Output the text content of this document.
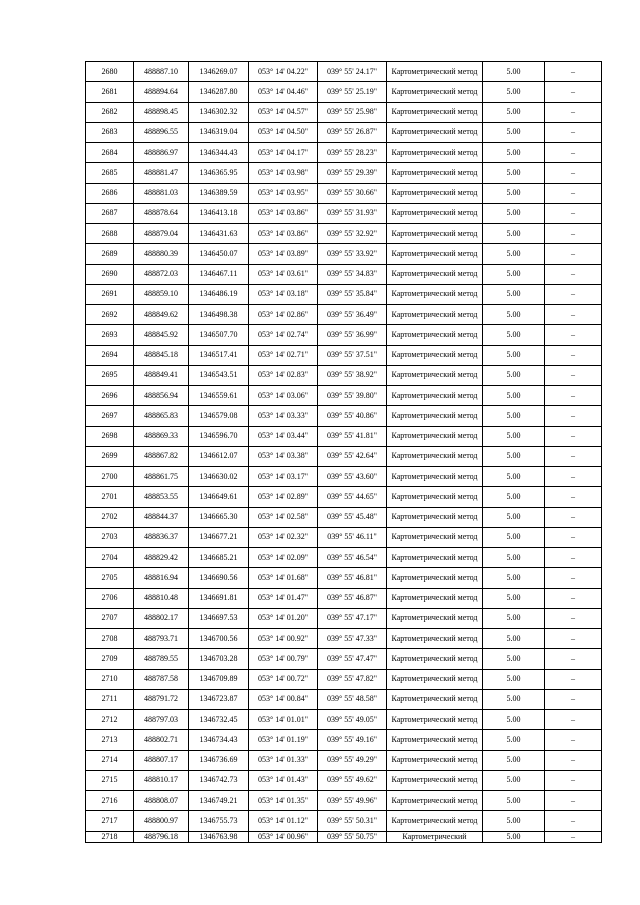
2680	488887.10	1346269.07	053° 14' 04.22"	039° 55' 24.17"	Картометрический метод	5.00	–
2681	488894.64	1346287.80	053° 14' 04.46"	039° 55' 25.19"	Картометрический метод	5.00	–
2682	488898.45	1346302.32	053° 14' 04.57"	039° 55' 25.98"	Картометрический метод	5.00	–
2683	488896.55	1346319.04	053° 14' 04.50"	039° 55' 26.87"	Картометрический метод	5.00	–
2684	488886.97	1346344.43	053° 14' 04.17"	039° 55' 28.23"	Картометрический метод	5.00	–
2685	488881.47	1346365.95	053° 14' 03.98"	039° 55' 29.39"	Картометрический метод	5.00	–
2686	488881.03	1346389.59	053° 14' 03.95"	039° 55' 30.66"	Картометрический метод	5.00	–
2687	488878.64	1346413.18	053° 14' 03.86"	039° 55' 31.93"	Картометрический метод	5.00	–
2688	488879.04	1346431.63	053° 14' 03.86"	039° 55' 32.92"	Картометрический метод	5.00	–
2689	488880.39	1346450.07	053° 14' 03.89"	039° 55' 33.92"	Картометрический метод	5.00	–
2690	488872.03	1346467.11	053° 14' 03.61"	039° 55' 34.83"	Картометрический метод	5.00	–
2691	488859.10	1346486.19	053° 14' 03.18"	039° 55' 35.84"	Картометрический метод	5.00	–
2692	488849.62	1346498.38	053° 14' 02.86"	039° 55' 36.49"	Картометрический метод	5.00	–
2693	488845.92	1346507.70	053° 14' 02.74"	039° 55' 36.99"	Картометрический метод	5.00	–
2694	488845.18	1346517.41	053° 14' 02.71"	039° 55' 37.51"	Картометрический метод	5.00	–
2695	488849.41	1346543.51	053° 14' 02.83"	039° 55' 38.92"	Картометрический метод	5.00	–
2696	488856.94	1346559.61	053° 14' 03.06"	039° 55' 39.80"	Картометрический метод	5.00	–
2697	488865.83	1346579.08	053° 14' 03.33"	039° 55' 40.86"	Картометрический метод	5.00	–
2698	488869.33	1346596.70	053° 14' 03.44"	039° 55' 41.81"	Картометрический метод	5.00	–
2699	488867.82	1346612.07	053° 14' 03.38"	039° 55' 42.64"	Картометрический метод	5.00	–
2700	488861.75	1346630.02	053° 14' 03.17"	039° 55' 43.60"	Картометрический метод	5.00	–
2701	488853.55	1346649.61	053° 14' 02.89"	039° 55' 44.65"	Картометрический метод	5.00	–
2702	488844.37	1346665.30	053° 14' 02.58"	039° 55' 45.48"	Картометрический метод	5.00	–
2703	488836.37	1346677.21	053° 14' 02.32"	039° 55' 46.11"	Картометрический метод	5.00	–
2704	488829.42	1346685.21	053° 14' 02.09"	039° 55' 46.54"	Картометрический метод	5.00	–
2705	488816.94	1346690.56	053° 14' 01.68"	039° 55' 46.81"	Картометрический метод	5.00	–
2706	488810.48	1346691.81	053° 14' 01.47"	039° 55' 46.87"	Картометрический метод	5.00	–
2707	488802.17	1346697.53	053° 14' 01.20"	039° 55' 47.17"	Картометрический метод	5.00	–
2708	488793.71	1346700.56	053° 14' 00.92"	039° 55' 47.33"	Картометрический метод	5.00	–
2709	488789.55	1346703.28	053° 14' 00.79"	039° 55' 47.47"	Картометрический метод	5.00	–
2710	488787.58	1346709.89	053° 14' 00.72"	039° 55' 47.82"	Картометрический метод	5.00	–
2711	488791.72	1346723.87	053° 14' 00.84"	039° 55' 48.58"	Картометрический метод	5.00	–
2712	488797.03	1346732.45	053° 14' 01.01"	039° 55' 49.05"	Картометрический метод	5.00	–
2713	488802.71	1346734.43	053° 14' 01.19"	039° 55' 49.16"	Картометрический метод	5.00	–
2714	488807.17	1346736.69	053° 14' 01.33"	039° 55' 49.29"	Картометрический метод	5.00	–
2715	488810.17	1346742.73	053° 14' 01.43"	039° 55' 49.62"	Картометрический метод	5.00	–
2716	488808.07	1346749.21	053° 14' 01.35"	039° 55' 49.96"	Картометрический метод	5.00	–
2717	488800.97	1346755.73	053° 14' 01.12"	039° 55' 50.31"	Картометрический метод	5.00	–
2718	488796.18	1346763.98	053° 14' 00.96"	039° 55' 50.75"	Картометрический	5.00	–
